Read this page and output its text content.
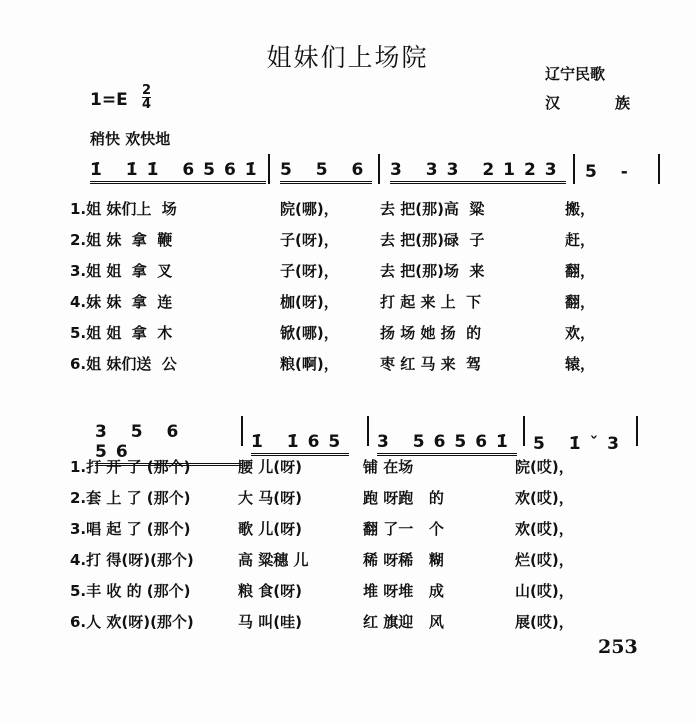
姐妹们上场院
辽宁民歌
汉	族
1=E 2
4
稍快 欢快地
1̇ 1̇1̇ 6561̇ 5 5 6 3 33 2123 5 -
3 5 6 56	1̇ 1̇65 3 56561̇ 5 1̇ˇ3
253
1.姐 妹们上  场	院(哪)，	去 把(那)高  粱	搬，
2.姐 妹  拿  鞭	子(呀)，	去 把(那)碌  子	赶，
3.姐 姐  拿  叉	子(呀)，	去 把(那)场  来	翻，
4.妹 妹  拿  连	枷(呀)，	打 起 来 上  下	翻，
5.姐 姐  拿  木	锨(哪)，	扬 场 她 扬  的	欢，
6.姐 妹们送  公	粮(啊)，	枣 红 马 来  驾	辕，
1.打 开 了 (那个)	腰 儿(呀)	铺 在场	院(哎)，
2.套 上 了 (那个)	大 马(呀)	跑 呀跑   的	欢(哎)，
3.唱 起 了 (那个)	歌 儿(呀)	翻 了一   个	欢(哎)，
4.打 得(呀)(那个)	高 粱穗 儿	稀 呀稀   糊	烂(哎)，
5.丰 收 的 (那个)	粮 食(呀)	堆 呀堆   成	山(哎)，
6.人 欢(呀)(那个)	马 叫(哇)	红 旗迎   风	展(哎)，
